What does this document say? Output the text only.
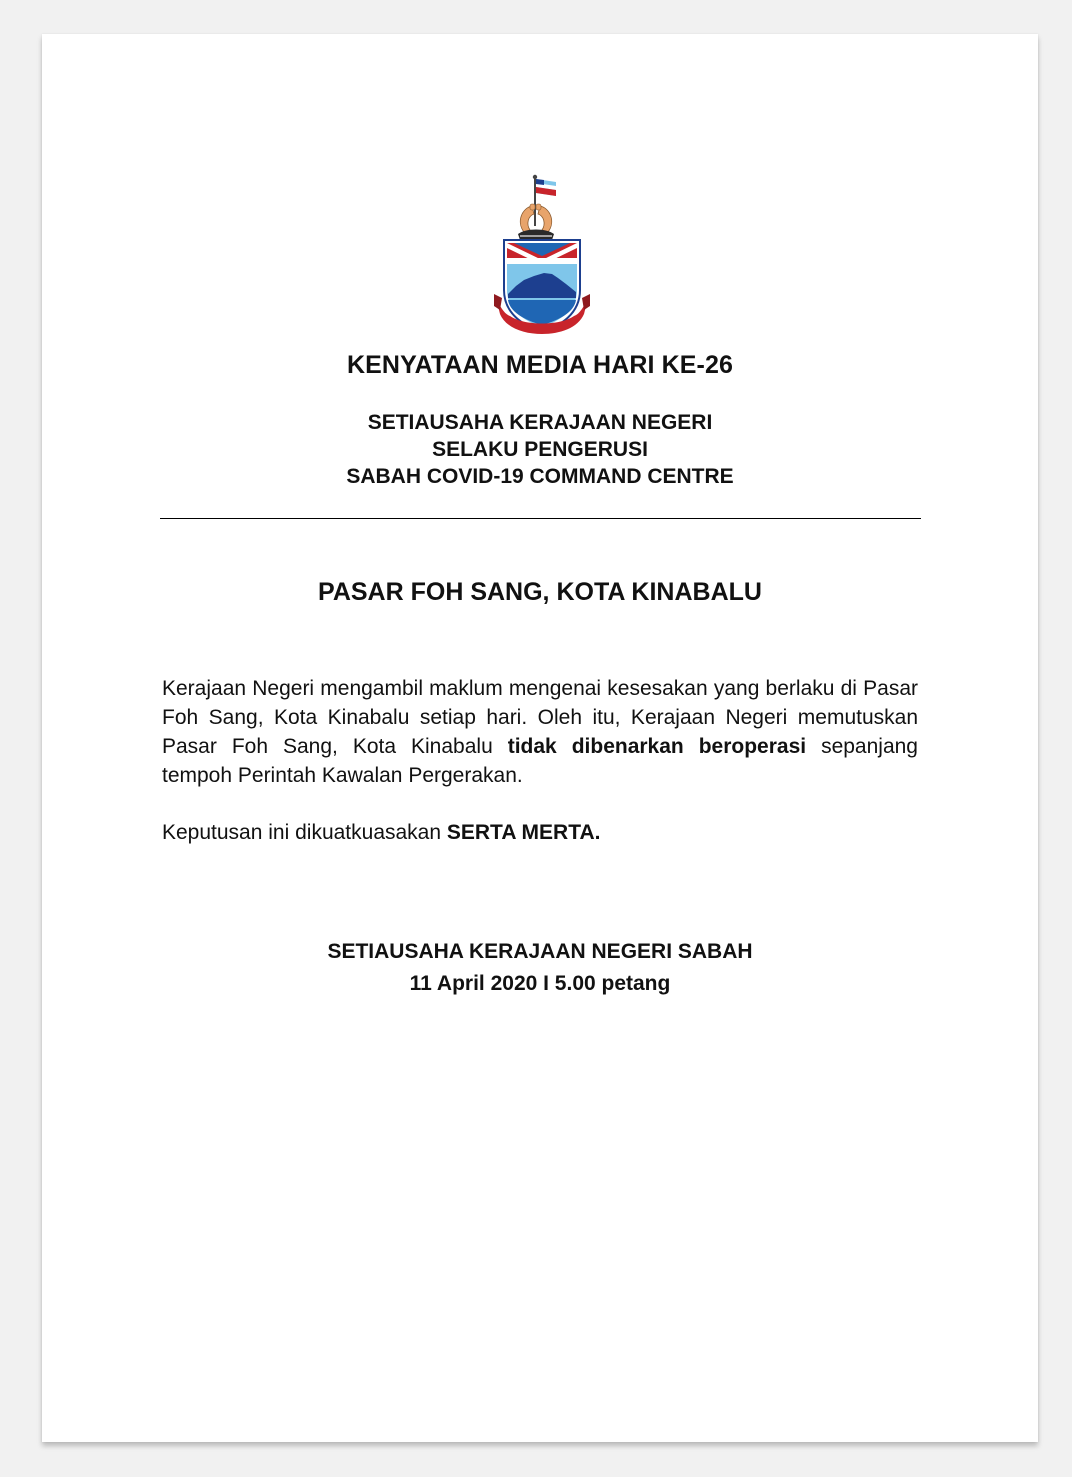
KENYATAAN MEDIA HARI KE-26
SETIAUSAHA KERAJAAN NEGERI
SELAKU PENGERUSI
SABAH COVID-19 COMMAND CENTRE
PASAR FOH SANG, KOTA KINABALU
Kerajaan Negeri mengambil maklum mengenai kesesakan yang berlaku di Pasar Foh Sang, Kota Kinabalu setiap hari. Oleh itu, Kerajaan Negeri memutuskan Pasar Foh Sang, Kota Kinabalu tidak dibenarkan beroperasi sepanjang tempoh Perintah Kawalan Pergerakan.
Keputusan ini dikuatkuasakan SERTA MERTA.
SETIAUSAHA KERAJAAN NEGERI SABAH
11 April 2020 I 5.00 petang
